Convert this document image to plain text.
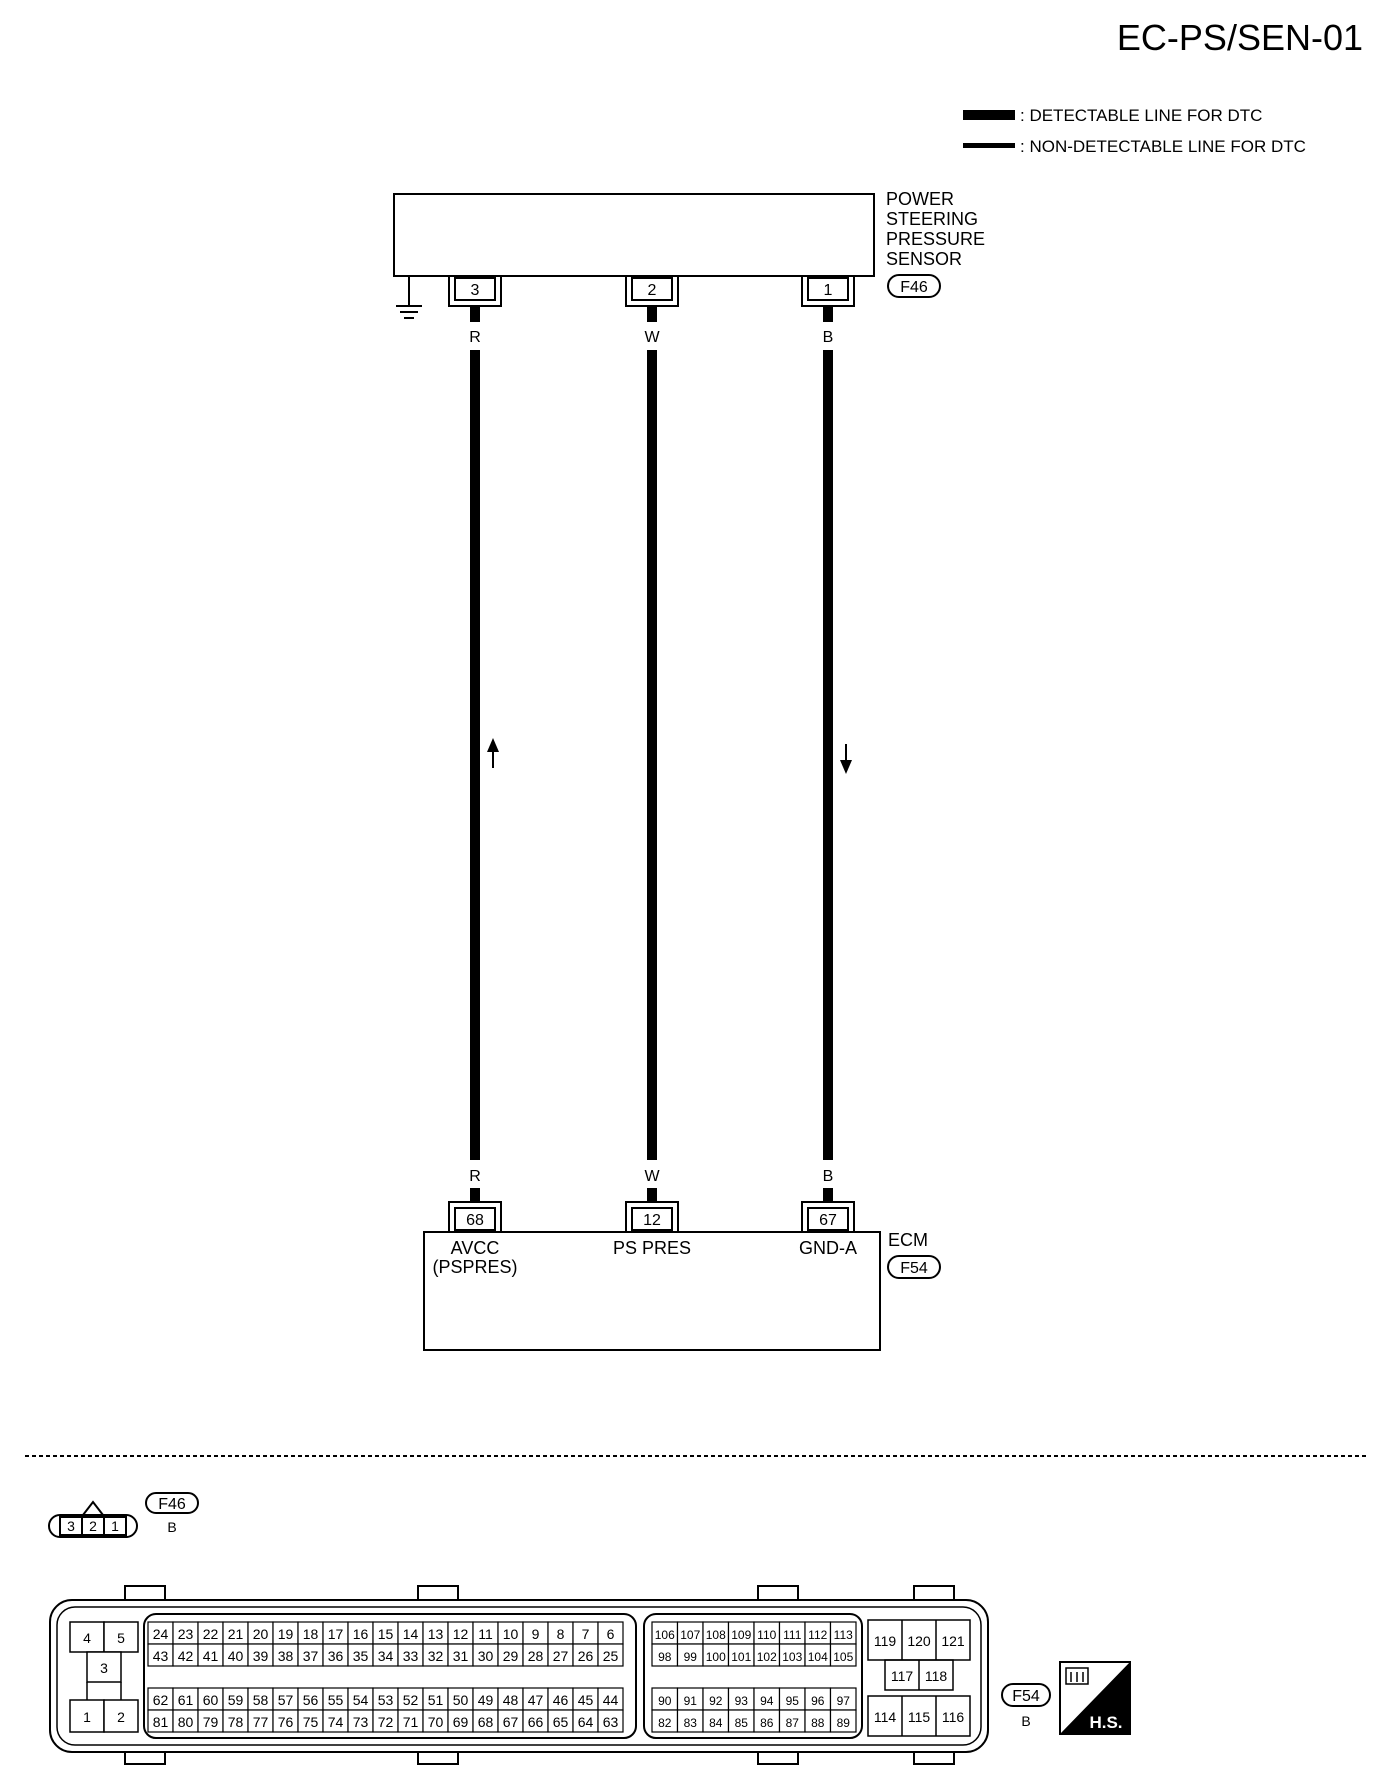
EC-PS/SEN-01
: DETECTABLE LINE FOR DTC
: NON-DETECTABLE LINE FOR DTC
POWER
STEERING
PRESSURE
SENSOR
F46
3	2	1
R	W	B
R	W	B
68	12	67
AVCC
(PSPRES)
PS PRES	GND-A ECM
F54
F46
B
3 2 1
4 5
3
1 2
119 120 121
117 118
114 115 116
24 23 22 21 20 19 18 17 16 15 14 13 12 11 10 9 8 7 6
43 42 41 40 39 38 37 36 35 34 33 32 31 30 29 28 27 26 25
62 61 60 59 58 57 56 55 54 53 52 51 50 49 48 47 46 45 44
81 80 79 78 77 76 75 74 73 72 71 70 69 68 67 66 65 64 63
106 107 108 109 110 111 112 113
98 99 100 101 102 103 104 105
90 91 92 93 94 95 96 97
82 83 84 85 86 87 88 89
F54
B	H.S.
